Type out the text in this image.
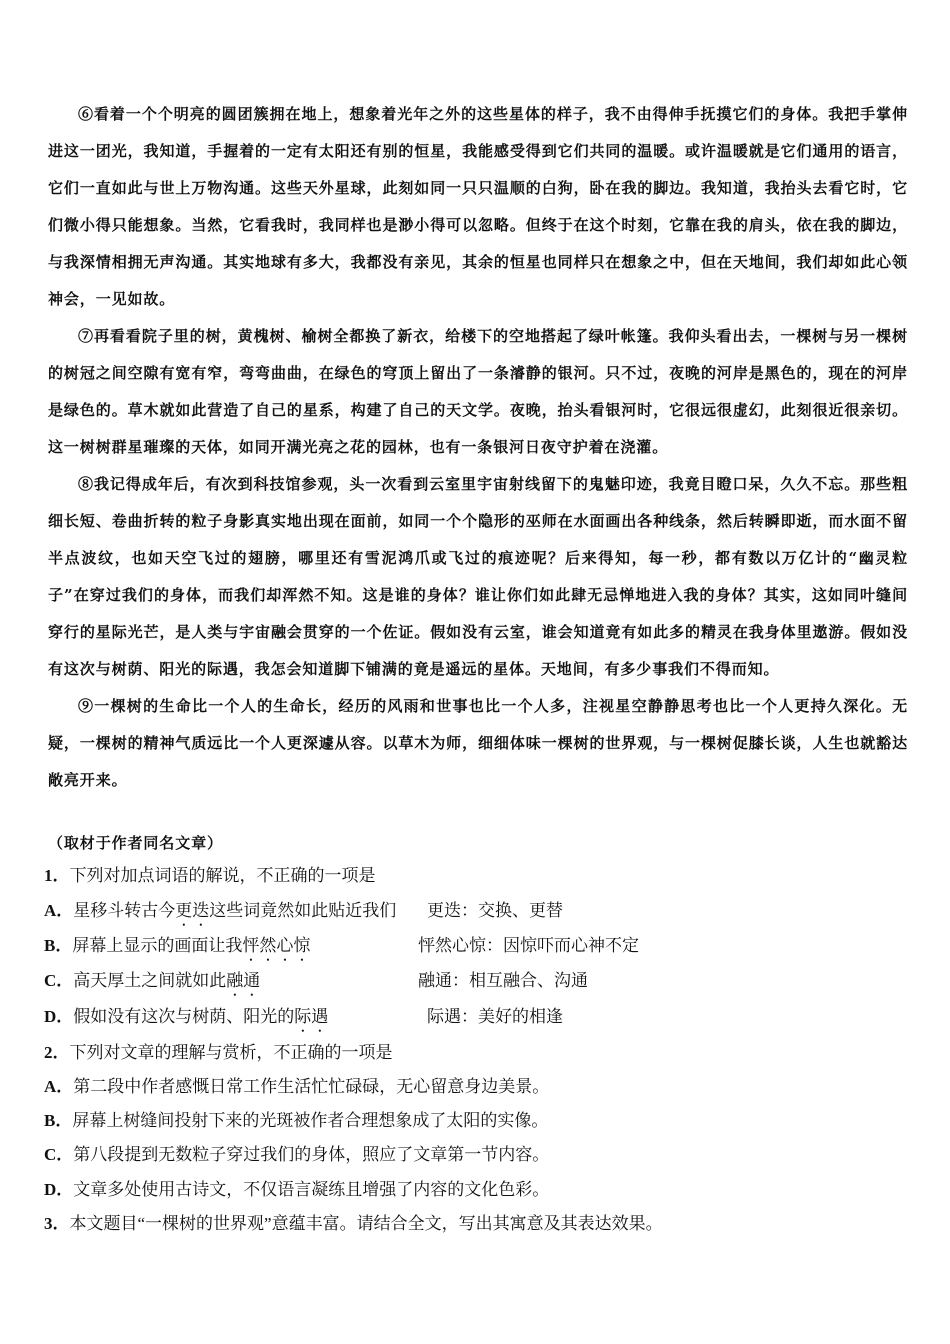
⑥看着一个个明亮的圆团簇拥在地上，想象着光年之外的这些星体的样子，我不由得伸手抚摸它们的身体。我把手掌伸进这一团光，我知道，手握着的一定有太阳还有别的恒星，我能感受得到它们共同的温暖。或许温暖就是它们通用的语言，它们一直如此与世上万物沟通。这些天外星球，此刻如同一只只温顺的白狗，卧在我的脚边。我知道，我抬头去看它时，它们微小得只能想象。当然，它看我时，我同样也是渺小得可以忽略。但终于在这个时刻，它靠在我的肩头，依在我的脚边，与我深情相拥无声沟通。其实地球有多大，我都没有亲见，其余的恒星也同样只在想象之中，但在天地间，我们却如此心领神会，一见如故。

⑦再看看院子里的树，黄槐树、榆树全都换了新衣，给楼下的空地搭起了绿叶帐篷。我仰头看出去，一棵树与另一棵树的树冠之间空隙有宽有窄，弯弯曲曲，在绿色的穹顶上留出了一条濬静的银河。只不过，夜晚的河岸是黑色的，现在的河岸是绿色的。草木就如此营造了自己的星系，构建了自己的天文学。夜晚，抬头看银河时，它很远很虚幻，此刻很近很亲切。这一树树群星璀璨的天体，如同开满光亮之花的园林，也有一条银河日夜守护着在浇灌。

⑧我记得成年后，有次到科技馆参观，头一次看到云室里宇宙射线留下的鬼魅印迹，我竟目瞪口呆，久久不忘。那些粗细长短、卷曲折转的粒子身影真实地出现在面前，如同一个个隐形的巫师在水面画出各种线条，然后转瞬即逝，而水面不留半点波纹，也如天空飞过的翅膀，哪里还有雪泥鸿爪或飞过的痕迹呢？后来得知，每一秒，都有数以万亿计的“幽灵粒子”在穿过我们的身体，而我们却浑然不知。这是谁的身体？谁让你们如此肆无忌惮地进入我的身体？其实，这如同叶缝间穿行的星际光芒，是人类与宇宙融会贯穿的一个佐证。假如没有云室，谁会知道竟有如此多的精灵在我身体里遨游。假如没有这次与树荫、阳光的际遇，我怎会知道脚下铺满的竟是遥远的星体。天地间，有多少事我们不得而知。

⑨一棵树的生命比一个人的生命长，经历的风雨和世事也比一个人多，注视星空静静思考也比一个人更持久深化。无疑，一棵树的精神气质远比一个人更深遽从容。以草木为师，细细体味一棵树的世界观，与一棵树促膝长谈，人生也就豁达敞亮开来。

（取材于作者同名文章）
1．下列对加点词语的解说，不正确的一项是
A．星移斗转古今更迭这些词竟然如此贴近我们 更迭：交换、更替
B．屏幕上显示的画面让我怦然心惊	怦然心惊：因惊吓而心神不定
C．高天厚土之间就如此融通	融通：相互融合、沟通
D．假如没有这次与树荫、阳光的际遇	际遇：美好的相逢
2．下列对文章的理解与赏析，不正确的一项是
A．第二段中作者感慨日常工作生活忙忙碌碌，无心留意身边美景。
B．屏幕上树缝间投射下来的光斑被作者合理想象成了太阳的实像。
C．第八段提到无数粒子穿过我们的身体，照应了文章第一节内容。
D．文章多处使用古诗文，不仅语言凝练且增强了内容的文化色彩。
3．本文题目“一棵树的世界观”意蕴丰富。请结合全文，写出其寓意及其表达效果。
